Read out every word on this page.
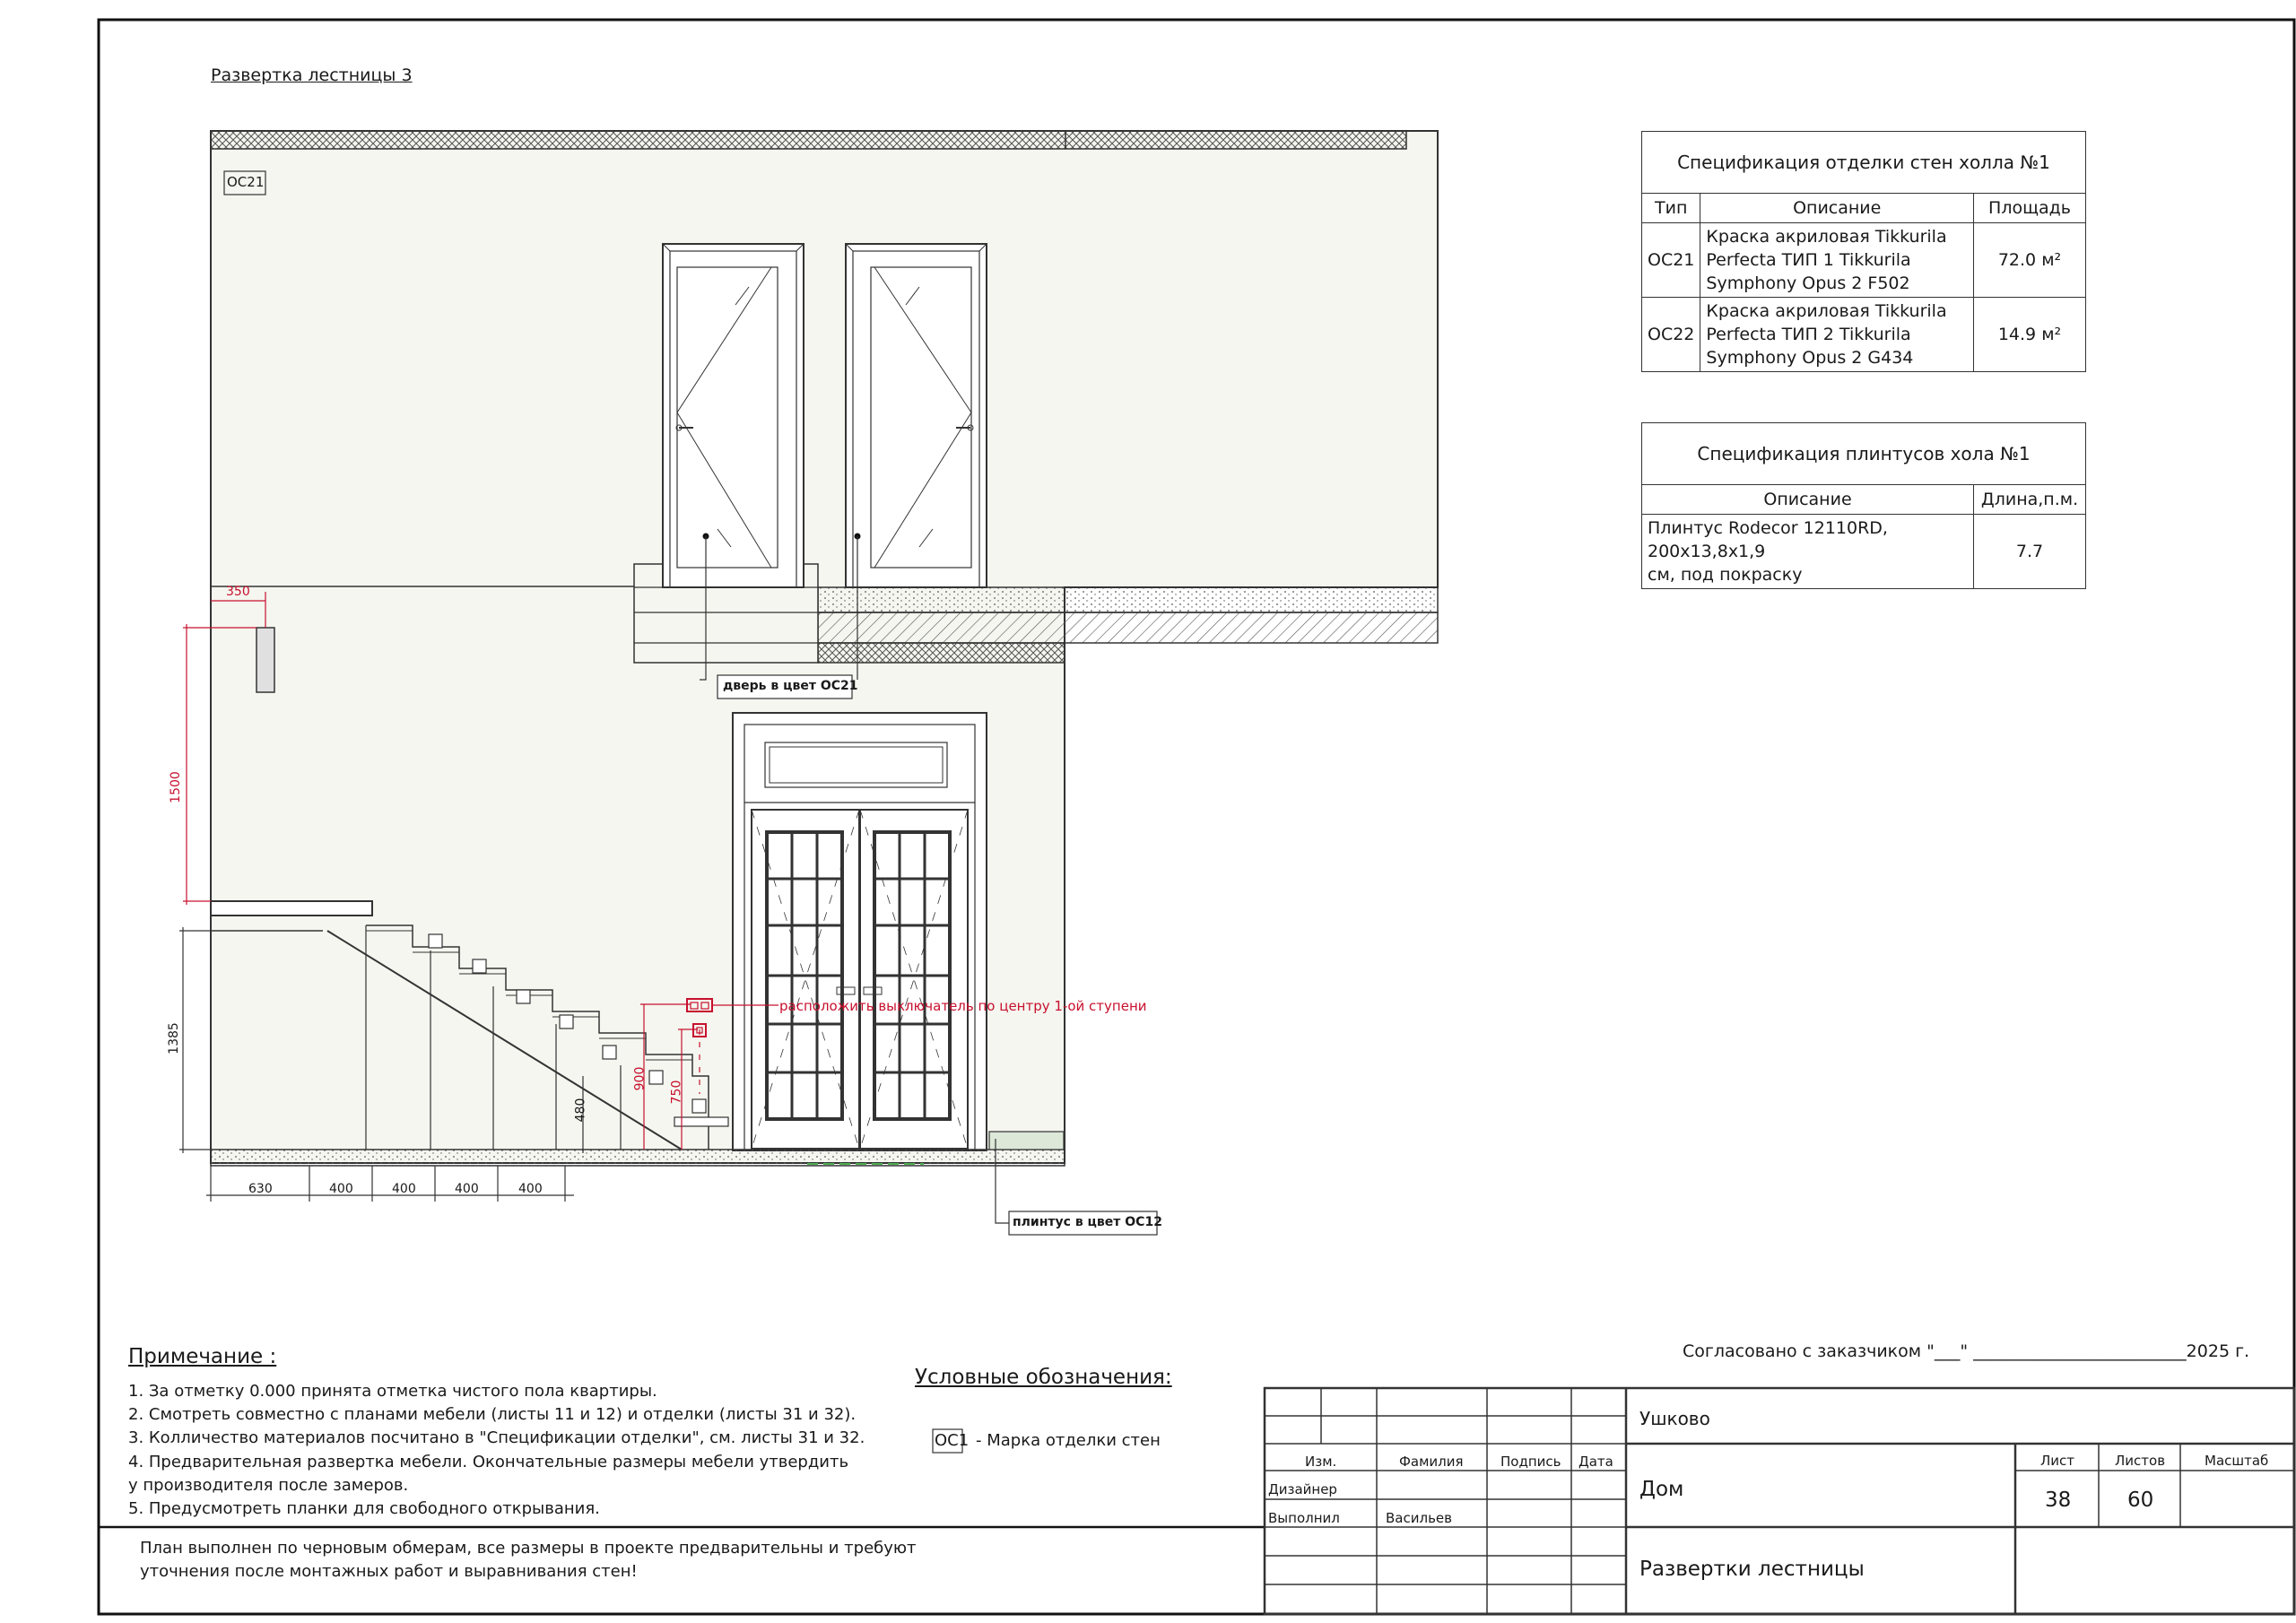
Развертка лестницы 3
ОС21
дверь в цвет ОС21
расположить выключатель по центру 1-ой ступени
плинтус в цвет ОС12
350
1500
1385
480
900
750
630	400	400	400	400
Спецификация отделки стен холла №1		
Тип	Описание	Площадь
ОС21	Краска акриловая Tikkurila
Perfecta ТИП 1 Tikkurila
Symphony Opus 2 F502	72.0 м²
ОС22	Краска акриловая Tikkurila
Perfecta ТИП 2 Tikkurila
Symphony Opus 2 G434	14.9 м²
Спецификация плинтусов хола №1	
Описание	Длина,п.м.

Плинтус Rodecor 12110RD, 200x13,8x1,9
см, под покраску	7.7
Примечание :
1. За отметку 0.000 принята отметка чистого пола квартиры.
2. Смотреть совместно с планами мебели (листы 11 и 12) и отделки (листы 31 и 32).
3. Колличество материалов посчитано в "Спецификации отделки", см. листы 31 и 32.
4. Предварительная развертка мебели. Окончательные размеры мебели утвердить
у производителя после замеров.
5. Предусмотреть планки для свободного открывания.
План выполнен по черновым обмерам, все размеры в проекте предварительны и требуют
уточнения после монтажных работ и выравнивания стен!
Условные обозначения:
ОС1 - Марка отделки стен
Согласовано с заказчиком "___" _________________________2025 г.
Изм.	Фамилия	Подпись Дата
Дизайнер
Выполнил	Васильев
Ушково
Дом
Развертки лестницы
Лист	Листов	Масштаб
38	60
